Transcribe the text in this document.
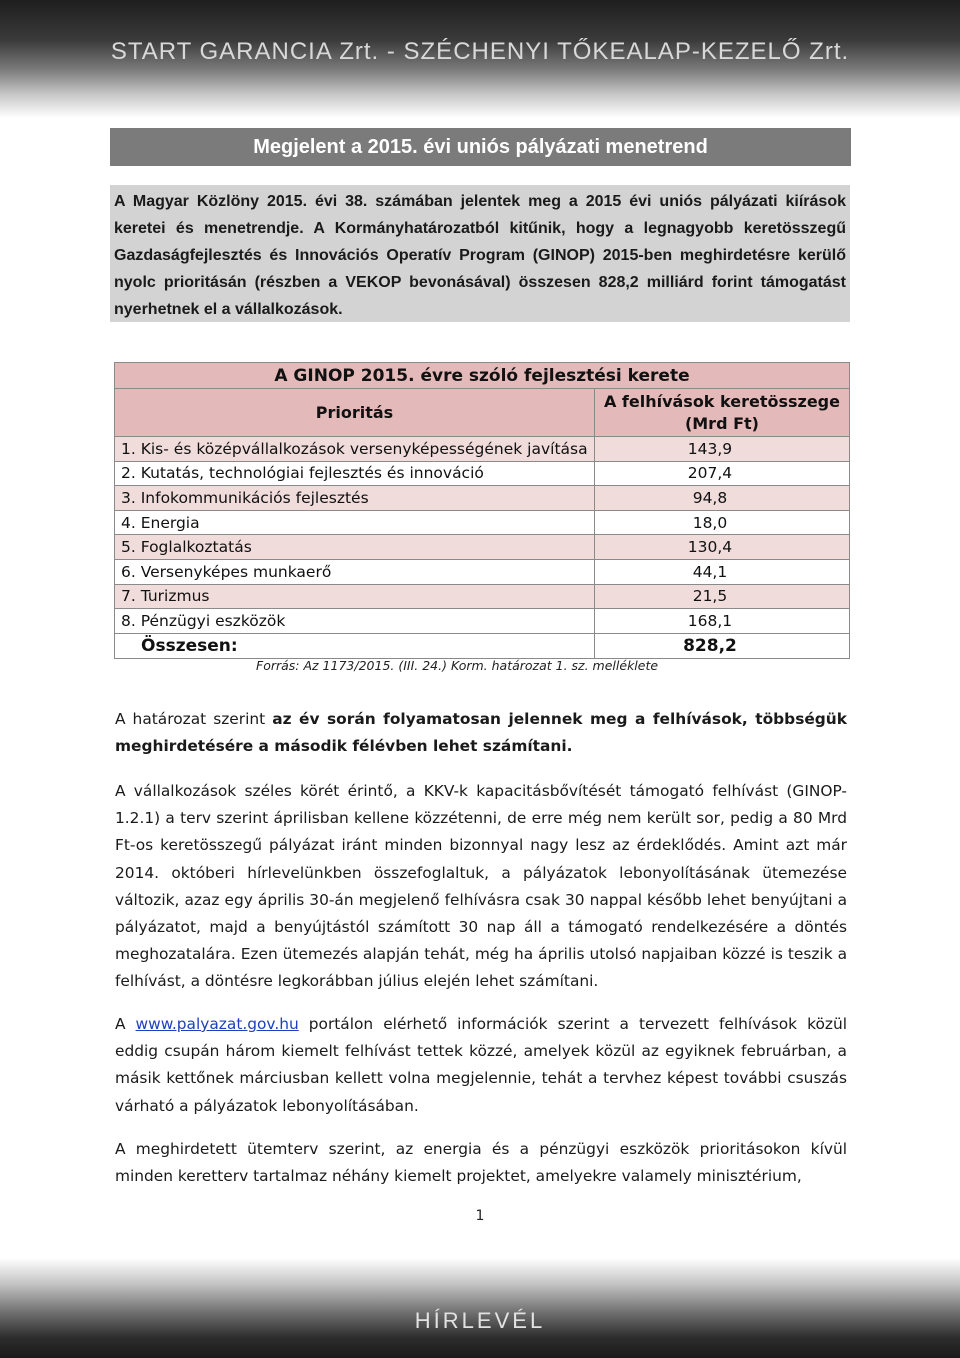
START GARANCIA Zrt. - SZÉCHENYI TŐKEALAP-KEZELŐ Zrt.
Megjelent a 2015. évi uniós pályázati menetrend
A Magyar Közlöny 2015. évi 38. számában jelentek meg a 2015 évi uniós pályázati kiírások keretei és menetrendje. A Kormányhatározatból kitűnik, hogy a legnagyobb keretösszegű Gazdaságfejlesztés és Innovációs Operatív Program (GINOP) 2015-ben meghirdetésre kerülő nyolc prioritásán (részben a VEKOP bevonásával) összesen 828,2 milliárd forint támogatást nyerhetnek el a vállalkozások.
A GINOP 2015. évre szóló fejlesztési kerete	
Prioritás	A felhívások keretösszege
(Mrd Ft)

1. Kis- és középvállalkozások versenyképességének javítása	143,9
2. Kutatás, technológiai fejlesztés és innováció	207,4
3. Infokommunikációs fejlesztés	94,8
4. Energia	18,0
5. Foglalkoztatás	130,4
6. Versenyképes munkaerő	44,1
7. Turizmus	21,5
8. Pénzügyi eszközök	168,1
Összesen:	828,2
Forrás: Az 1173/2015. (III. 24.) Korm. határozat 1. sz. melléklete
A határozat szerint az év során folyamatosan jelennek meg a felhívások, többségük meghirdetésére a második félévben lehet számítani.
A vállalkozások széles körét érintő, a KKV-k kapacitásbővítését támogató felhívást (GINOP-1.2.1) a terv szerint áprilisban kellene közzétenni, de erre még nem került sor, pedig a 80 Mrd Ft-os keretösszegű pályázat iránt minden bizonnyal nagy lesz az érdeklődés. Amint azt már 2014. októberi hírlevelünkben összefoglaltuk, a pályázatok lebonyolításának ütemezése változik, azaz egy április 30-án megjelenő felhívásra csak 30 nappal később lehet benyújtani a pályázatot, majd a benyújtástól számított 30 nap áll a támogató rendelkezésére a döntés meghozatalára. Ezen ütemezés alapján tehát, még ha április utolsó napjaiban közzé is teszik a felhívást, a döntésre legkorábban július elején lehet számítani.
A www.palyazat.gov.hu portálon elérhető információk szerint a tervezett felhívások közül eddig csupán három kiemelt felhívást tettek közzé, amelyek közül az egyiknek februárban, a másik kettőnek márciusban kellett volna megjelennie, tehát a tervhez képest további csuszás várható a pályázatok lebonyolításában.
A meghirdetett ütemterv szerint, az energia és a pénzügyi eszközök prioritásokon kívül minden keretterv tartalmaz néhány kiemelt projektet, amelyekre valamely minisztérium,
1
HÍRLEVÉL
